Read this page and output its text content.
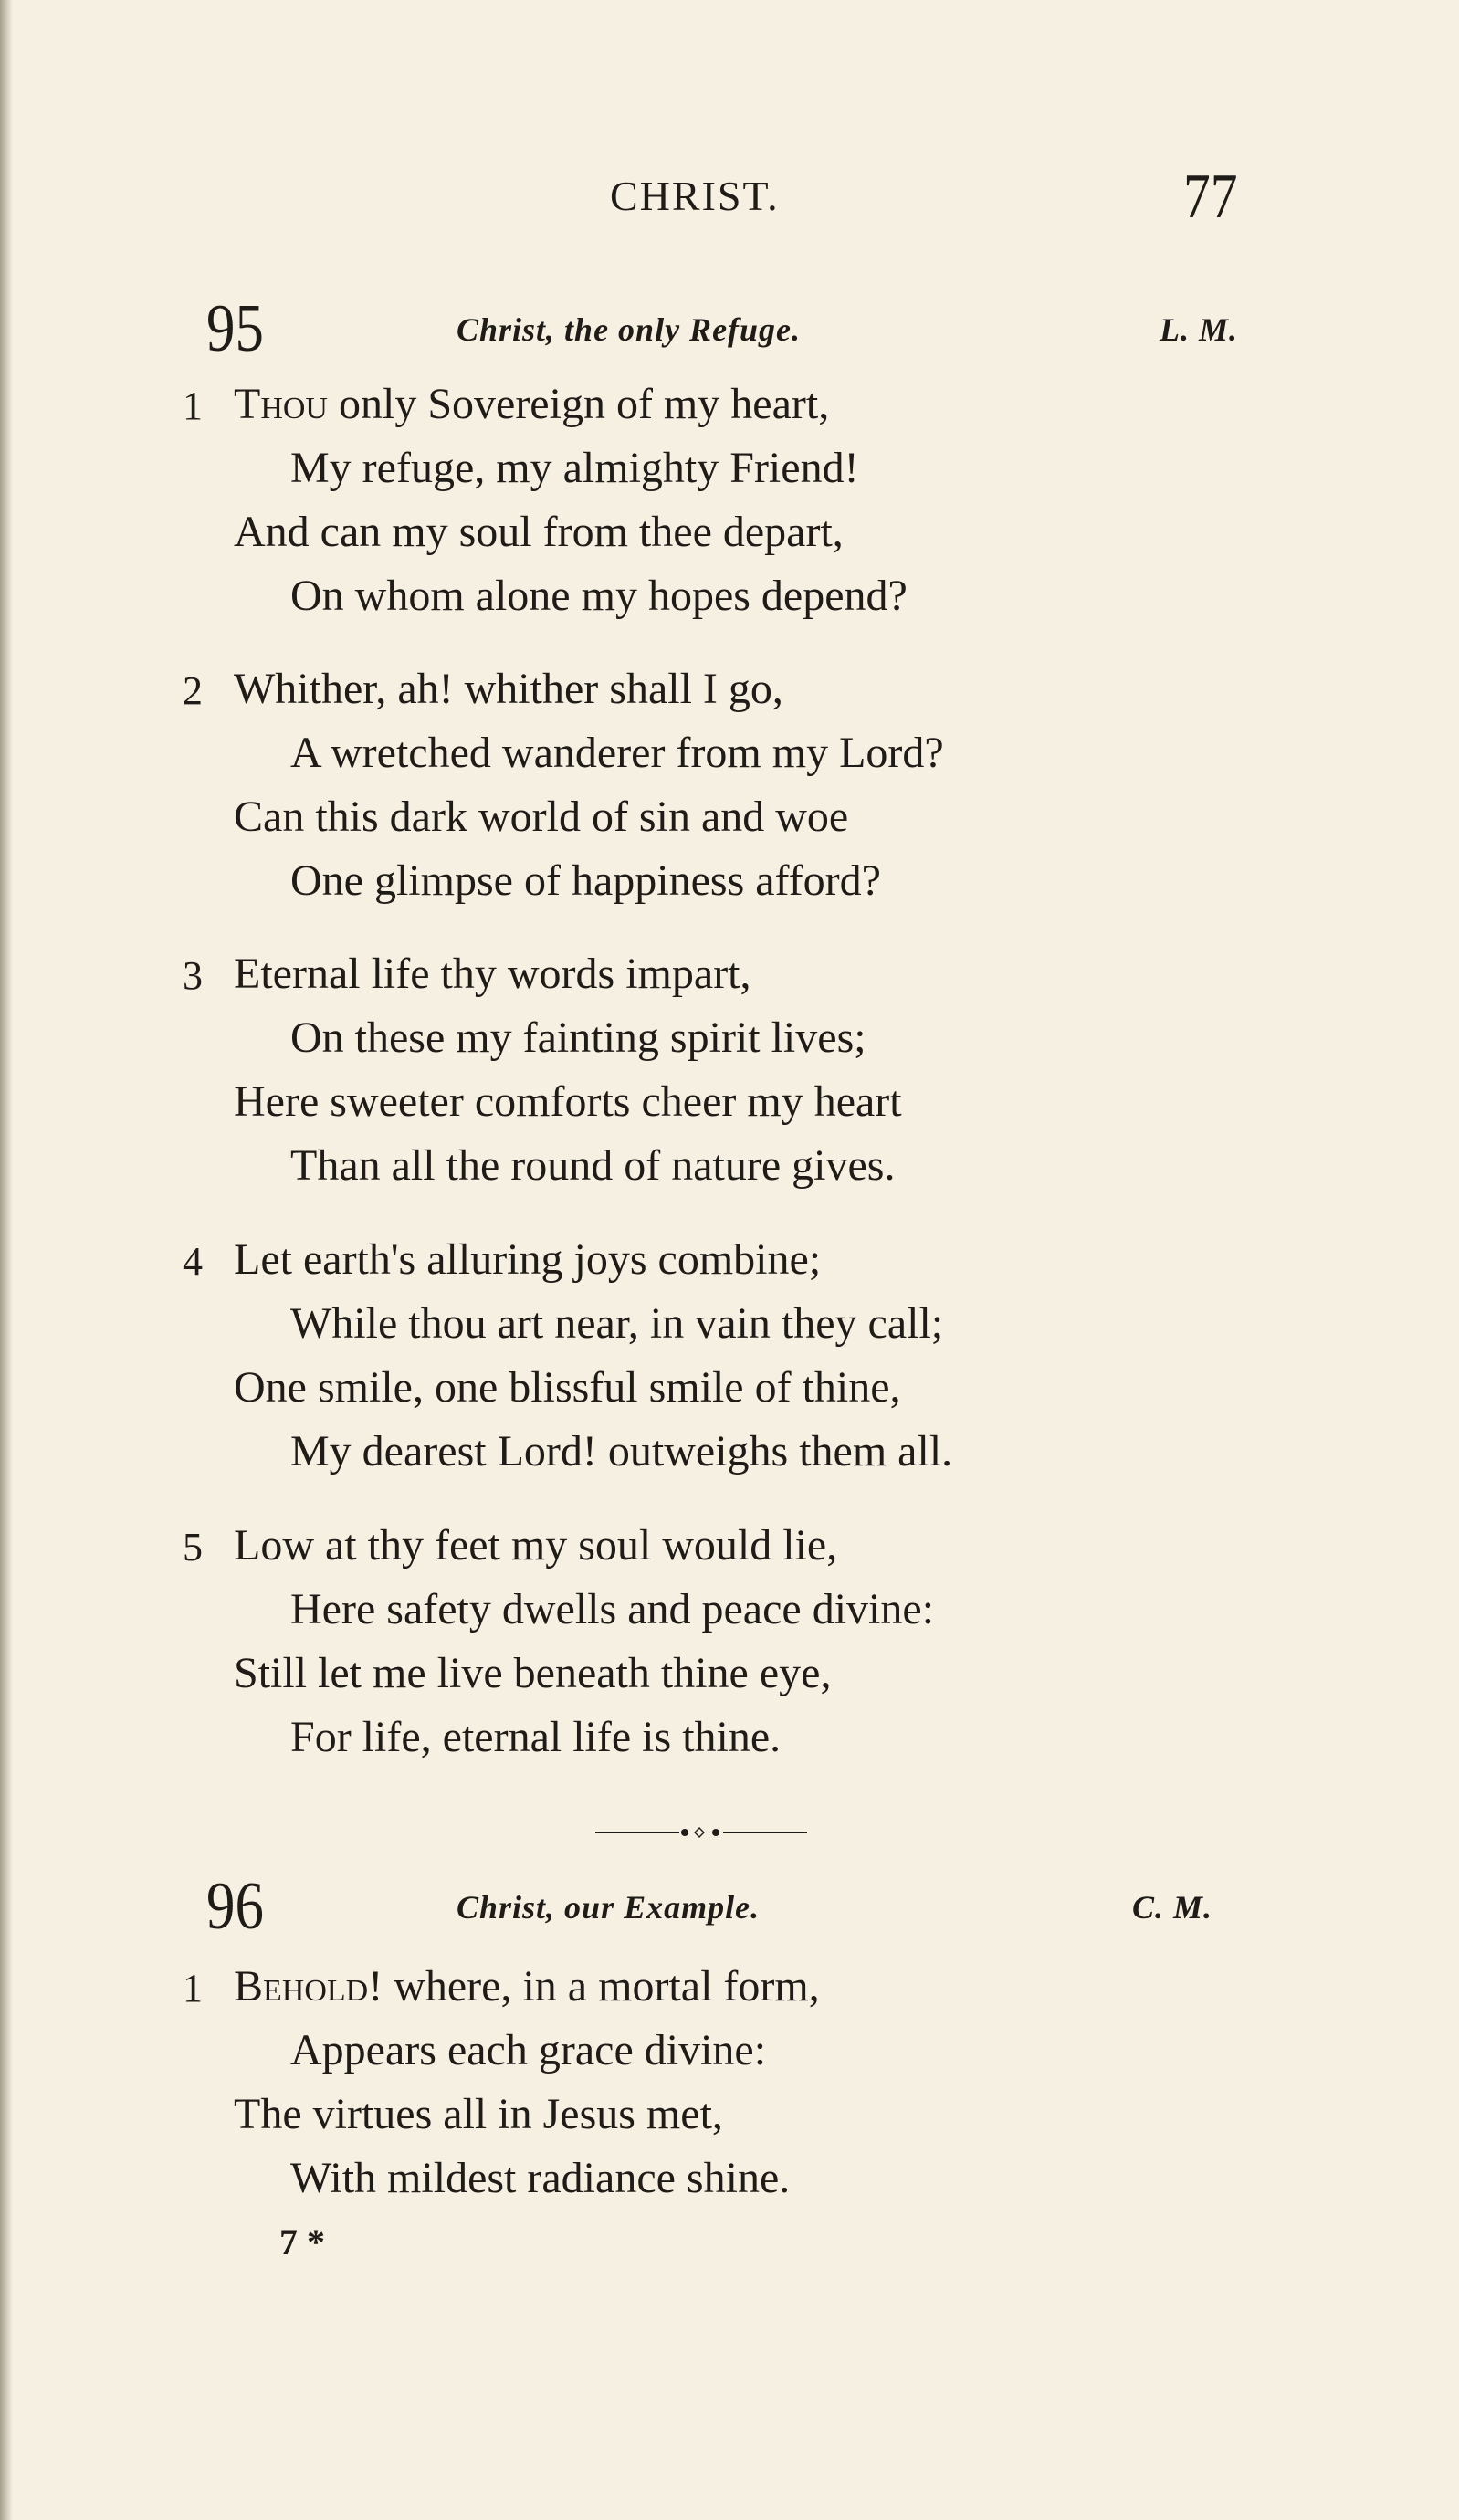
CHRIST.	77
95	Christ, the only Refuge.	L. M.
1 Thou only Sovereign of my heart,
My refuge, my almighty Friend!
And can my soul from thee depart,
On whom alone my hopes depend?
2 Whither, ah! whither shall I go,
A wretched wanderer from my Lord?
Can this dark world of sin and woe
One glimpse of happiness afford?
3 Eternal life thy words impart,
On these my fainting spirit lives;
Here sweeter comforts cheer my heart
Than all the round of nature gives.
4 Let earth's alluring joys combine;
While thou art near, in vain they call;
One smile, one blissful smile of thine,
My dearest Lord! outweighs them all.
5 Low at thy feet my soul would lie,
Here safety dwells and peace divine:
Still let me live beneath thine eye,
For life, eternal life is thine.
96	Christ, our Example.	C. M.
1 Behold! where, in a mortal form,
Appears each grace divine:
The virtues all in Jesus met,
With mildest radiance shine.
7 *
